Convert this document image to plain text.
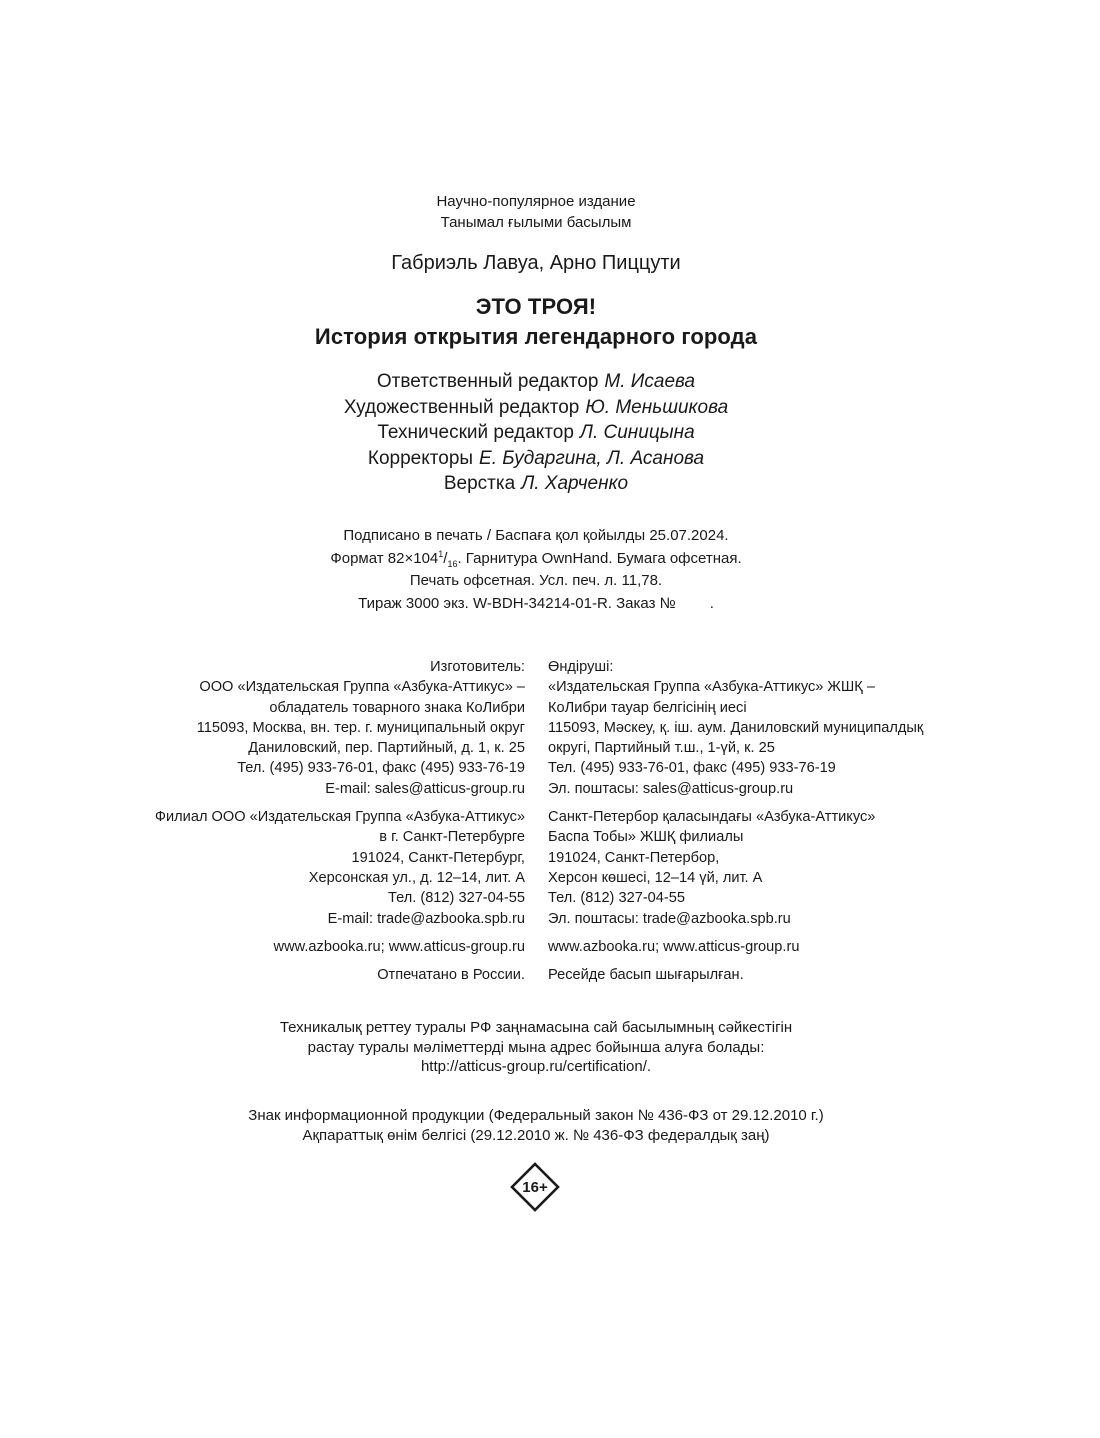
Научно-популярное издание
Танымал ғылыми басылым
Габриэль Лавуа, Арно Пиццути
ЭТО ТРОЯ!
История открытия легендарного города
Ответственный редактор М. Исаева
Художественный редактор Ю. Меньшикова
Технический редактор Л. Синицына
Корректоры Е. Бударгина, Л. Асанова
Верстка Л. Харченко
Подписано в печать / Баспаға қол қойылды 25.07.2024.
Формат $82\times 104^1/_{16}$. Гарнитура OwnHand. Бумага офсетная.
Печать офсетная. Усл. печ. л. 11,78.
Тираж 3000 экз. W-BDH-34214-01-R. Заказ № .
Изготовитель:
ООО «Издательская Группа «Азбука-Аттикус» –
обладатель товарного знака КоЛибри
115093, Москва, вн. тер. г. муниципальный округ
Даниловский, пер. Партийный, д. 1, к. 25
Тел. (495) 933-76-01, факс (495) 933-76-19
E-mail: sales@atticus-group.ru
Өндіруші:
«Издательская Группа «Азбука-Аттикус» ЖШҚ –
КоЛибри тауар белгісінің иесі
115093, Мәскеу, қ. іш. аум. Даниловский муниципалдық
округі, Партийный т.ш., 1-үй, к. 25
Тел. (495) 933-76-01, факс (495) 933-76-19
Эл. поштасы: sales@atticus-group.ru
Филиал ООО «Издательская Группа «Азбука-Аттикус»
в г. Санкт-Петербурге
191024, Санкт-Петербург,
Херсонская ул., д. 12–14, лит. А
Тел. (812) 327-04-55
E-mail: trade@azbooka.spb.ru
Санкт-Петербор қаласындағы «Азбука-Аттикус»
Баспа Тобы» ЖШҚ филиалы
191024, Санкт-Петербор,
Херсон көшесі, 12–14 үй, лит. А
Тел. (812) 327-04-55
Эл. поштасы: trade@azbooka.spb.ru
www.azbooka.ru; www.atticus-group.ru www.azbooka.ru; www.atticus-group.ru
Отпечатано в России. Ресейде басып шығарылған.
Техникалық реттеу туралы РФ заңнамасына сай басылымның сәйкестігін
растау туралы мәліметтерді мына адрес бойынша алуға болады:
http://atticus-group.ru/certification/.
Знак информационной продукции (Федеральный закон № 436-ФЗ от 29.12.2010 г.)
Ақпараттық өнім белгісі (29.12.2010 ж. № 436-ФЗ федералдық заң)
16+
